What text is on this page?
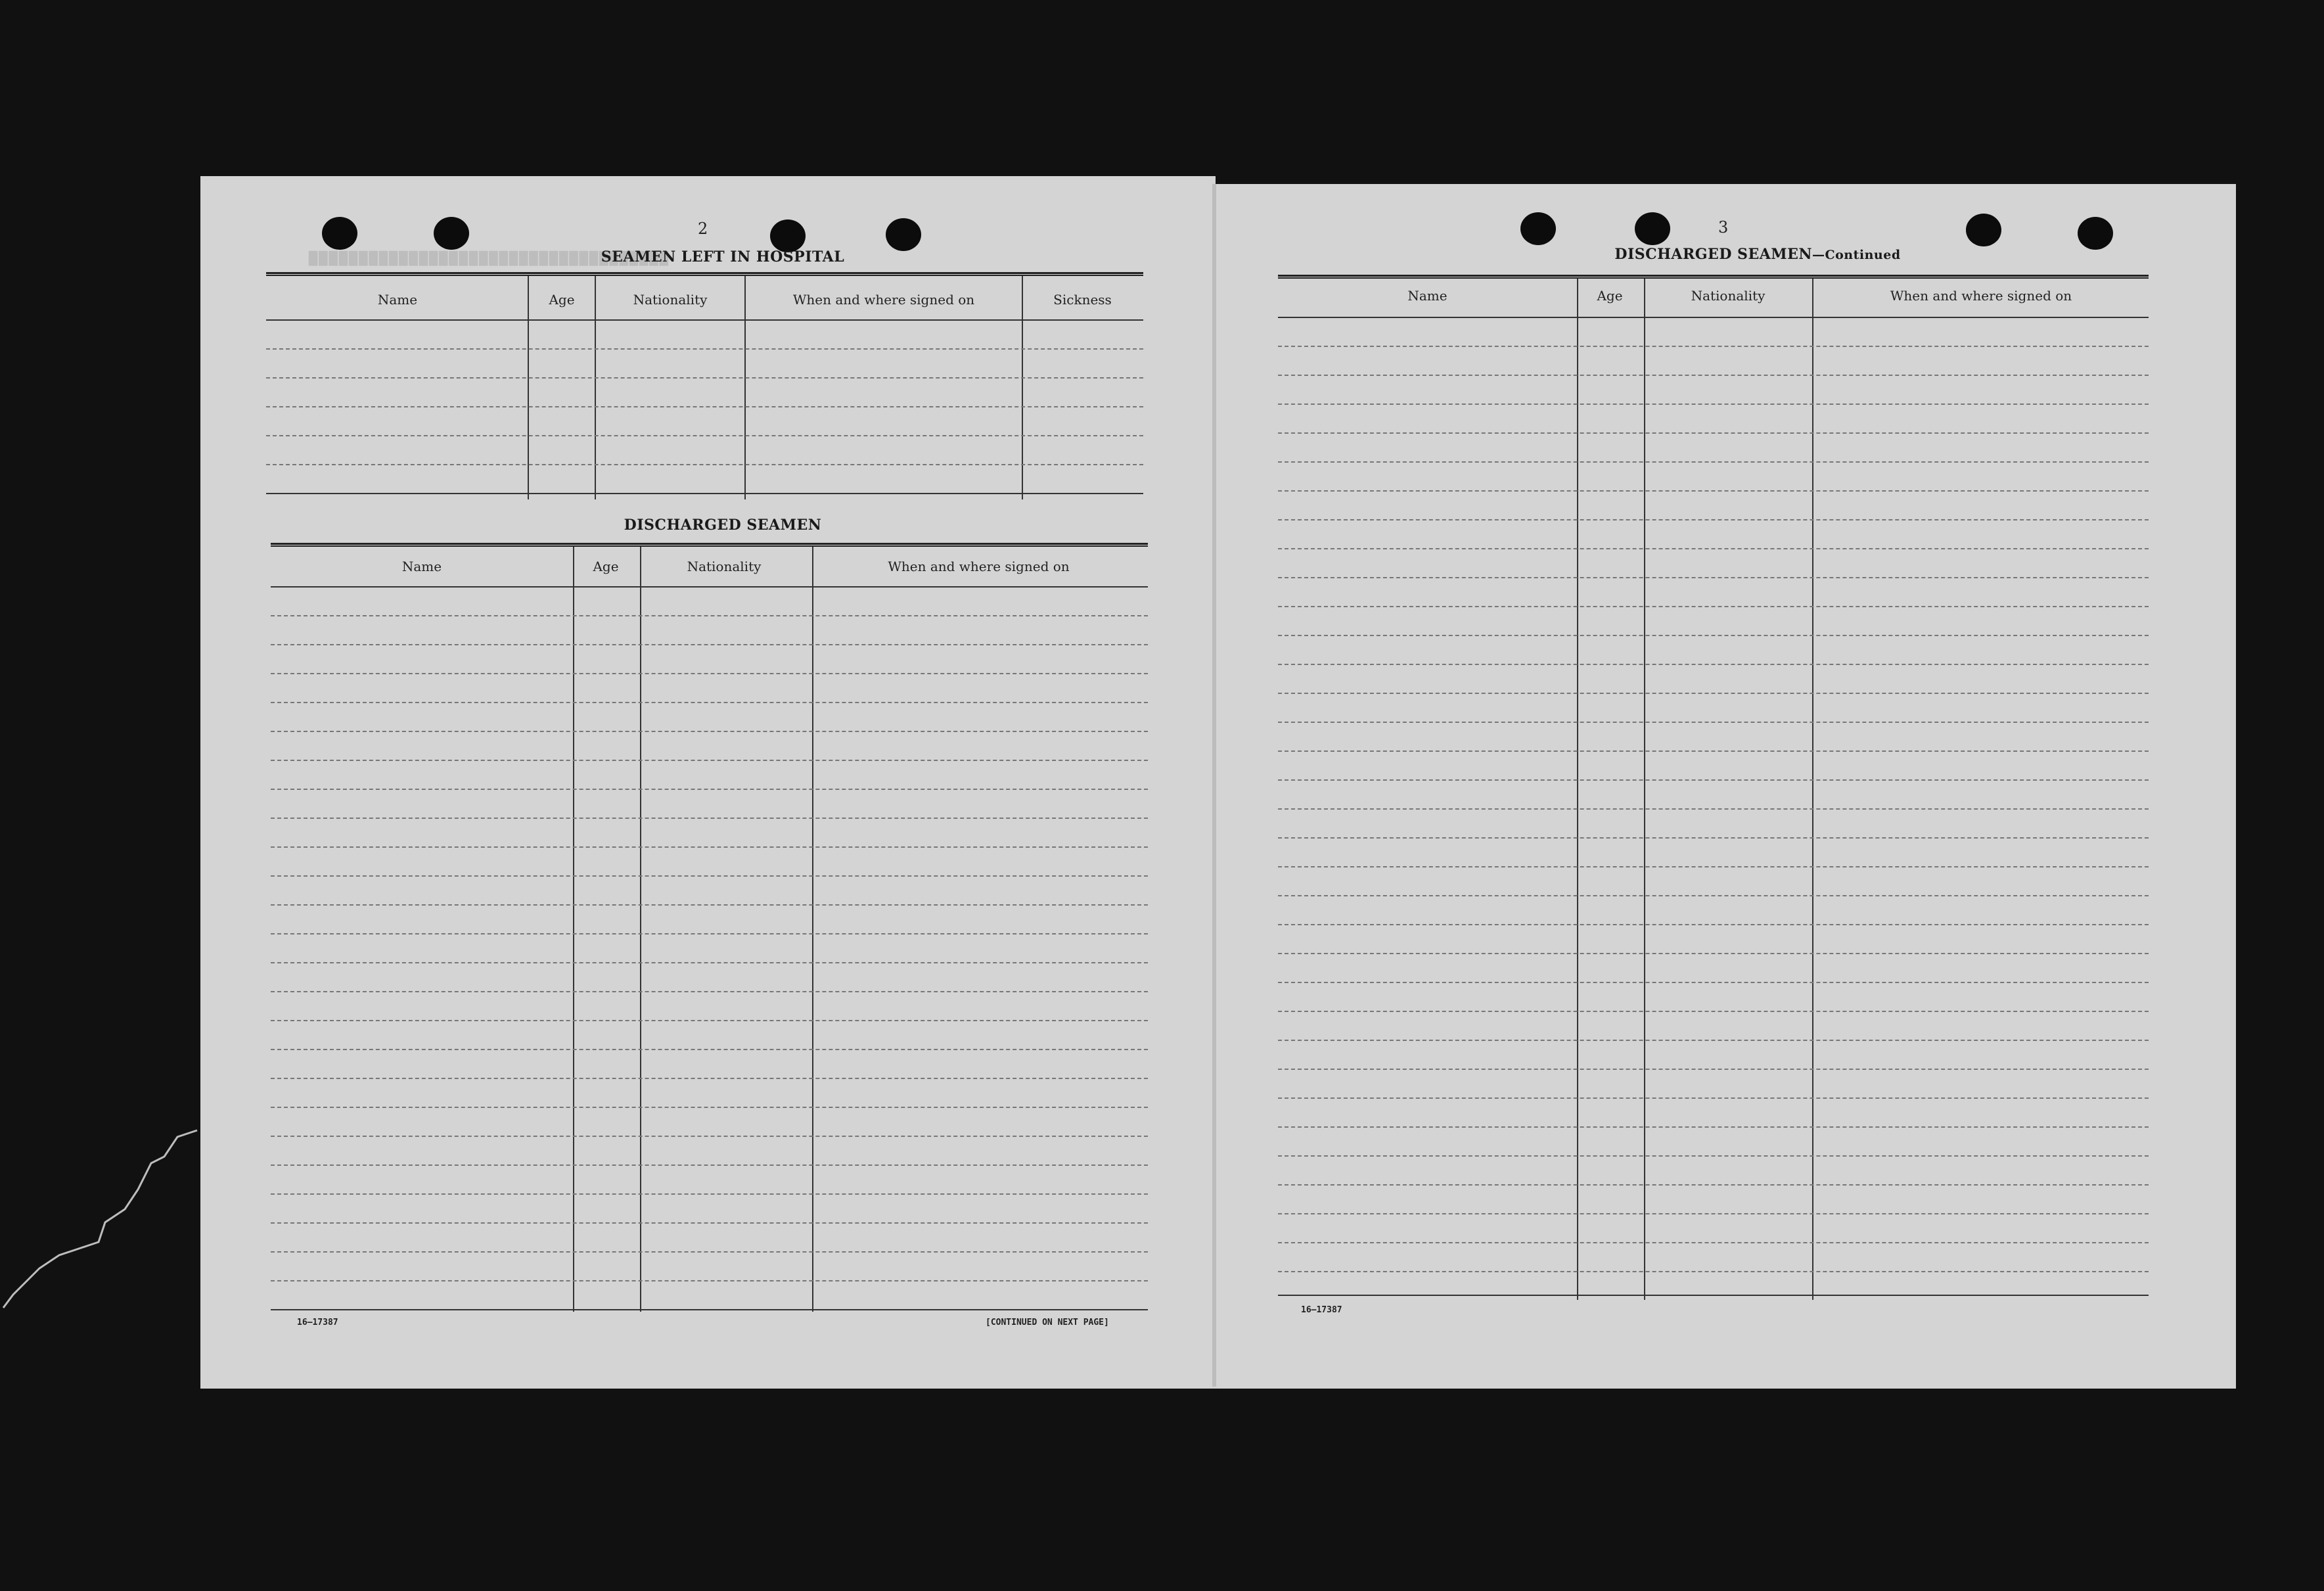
▇▇▇▇▇▇▇▇▇▇▇▇▇▇▇▇▇▇▇▇▇▇▇▇▇▇▇▇▇▇▇▇▇▇▇▇
2
SEAMEN LEFT IN HOSPITAL
Name	Age	Nationality	When and where signed on	Sickness
DISCHARGED SEAMEN
Name	Age	Nationality	When and where signed on
16—17387	[CONTINUED ON NEXT PAGE]
3
DISCHARGED SEAMEN—Continued
Name	Age	Nationality	When and where signed on
16—17387
